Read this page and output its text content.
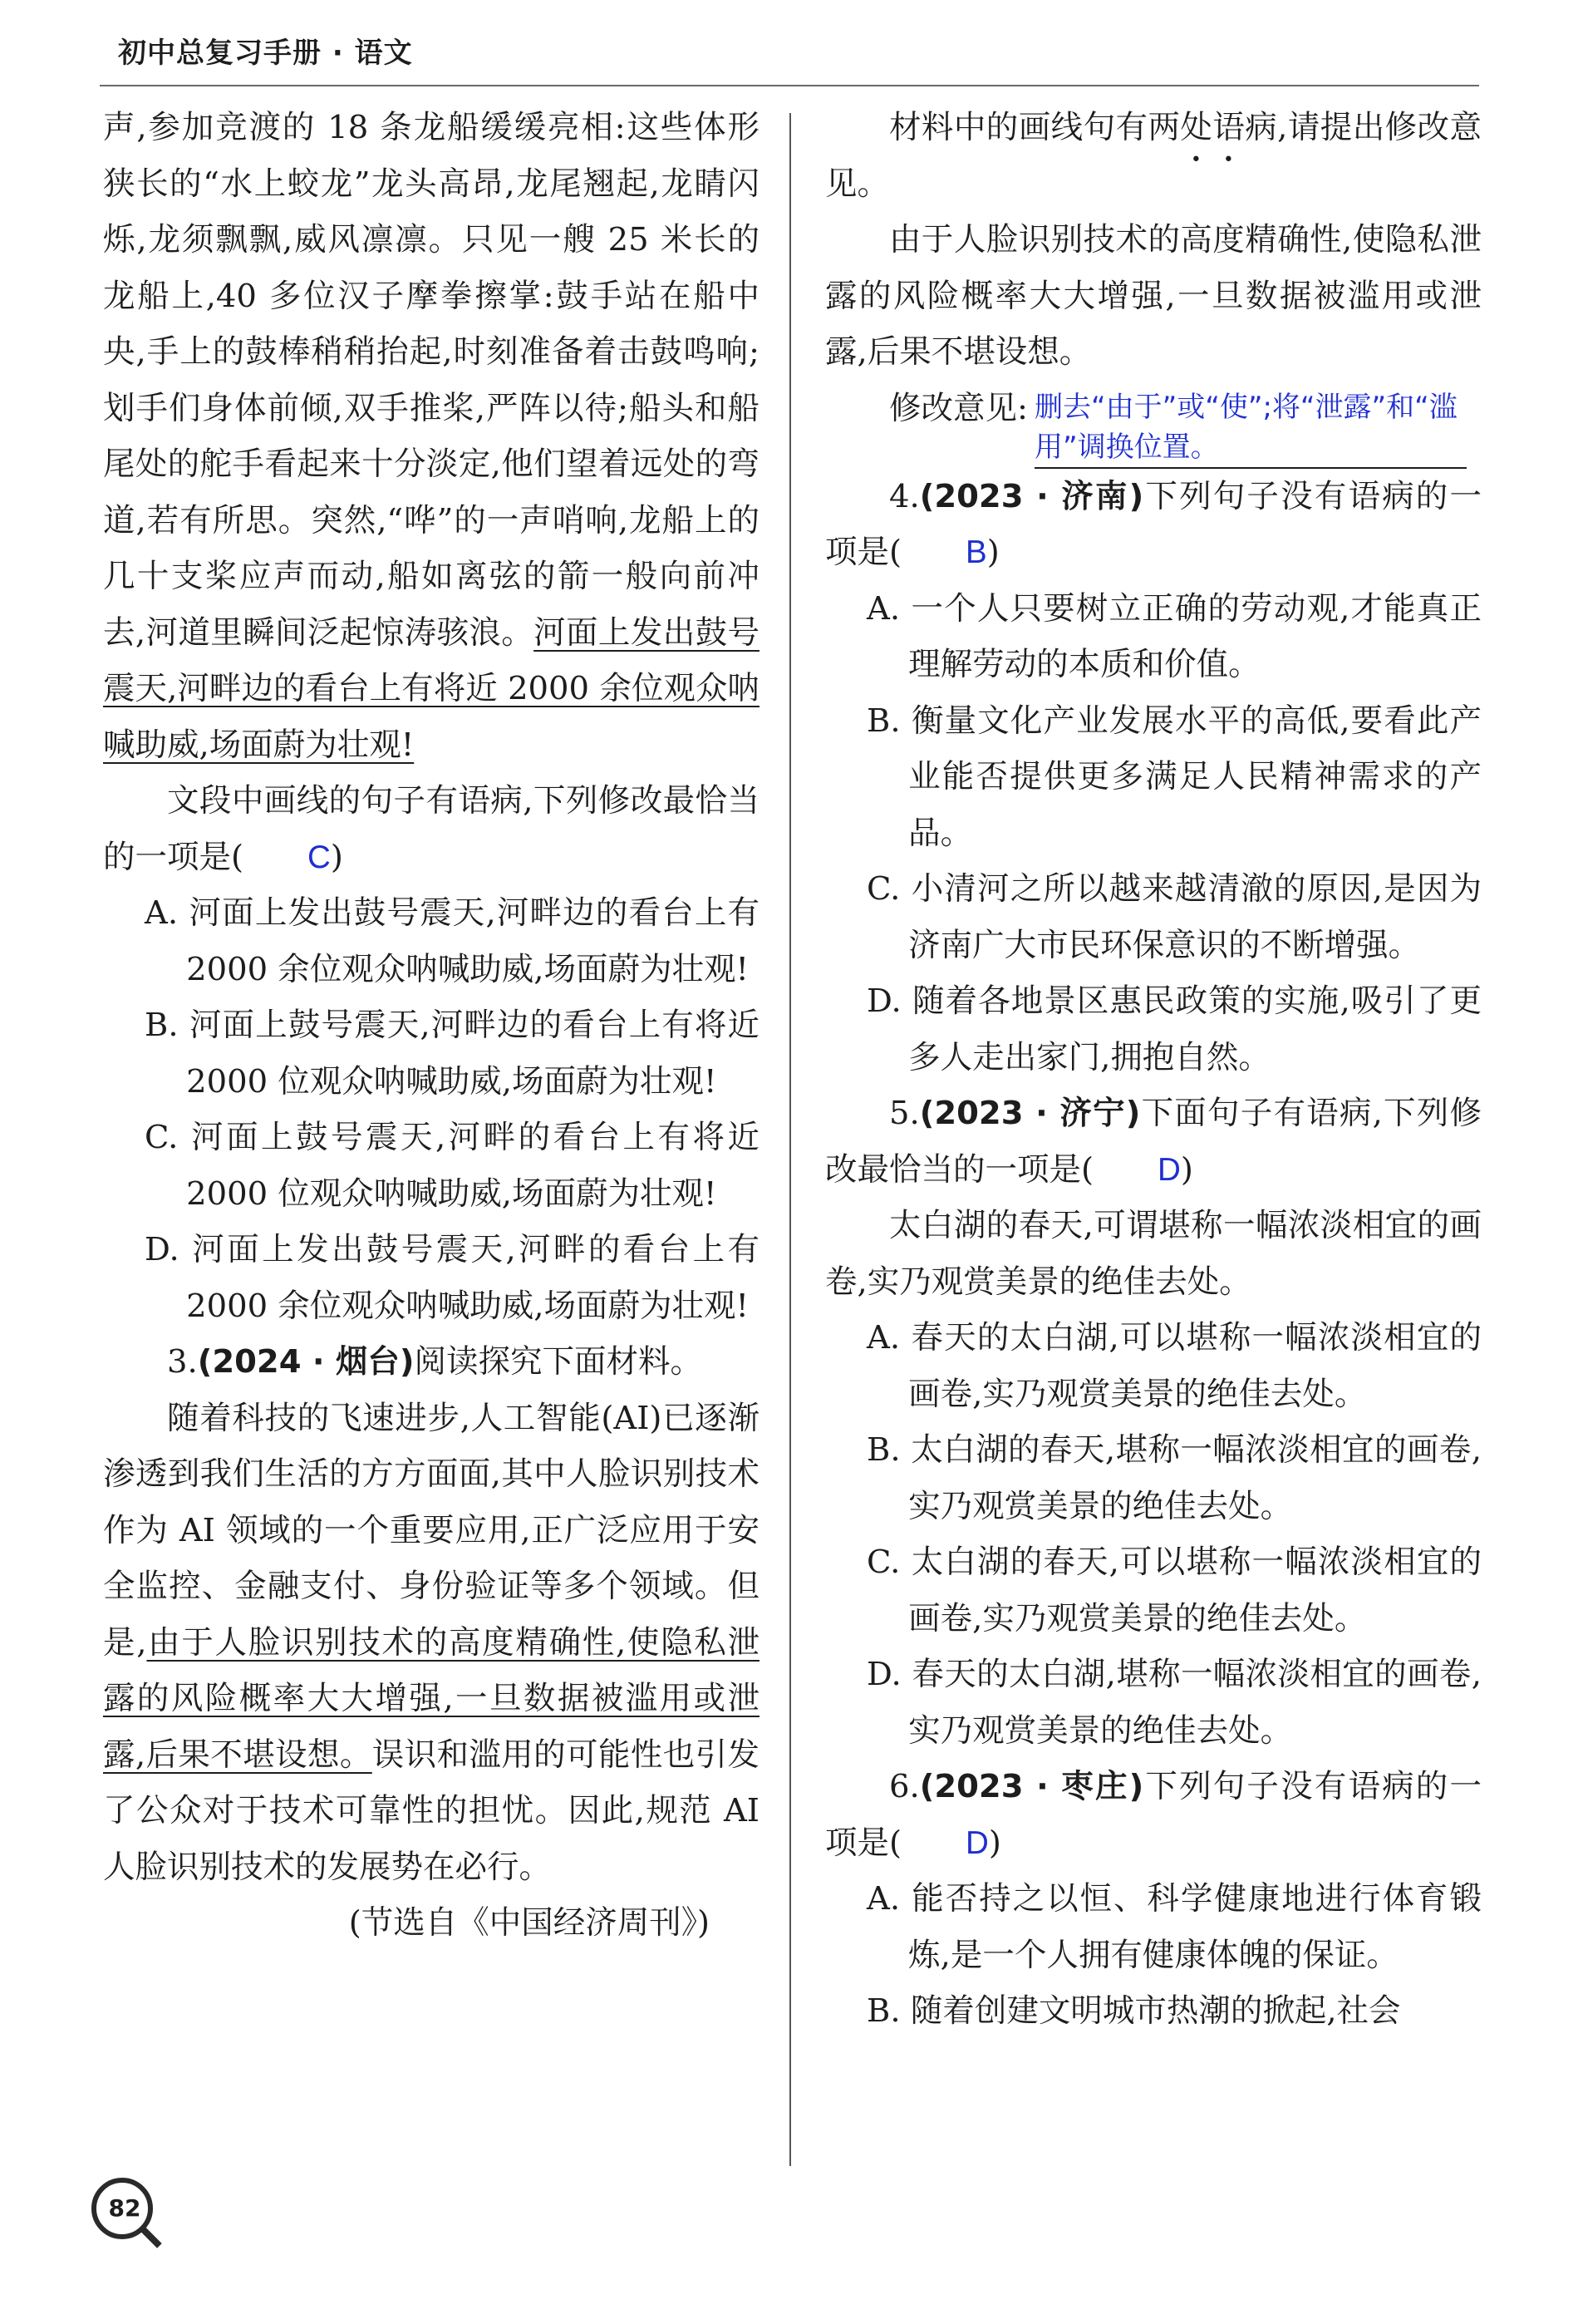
初中总复习手册 · 语文

声,参加竞渡的 18 条龙船缓缓亮相:这些体形狭长的“水上蛟龙”龙头高昂,龙尾翘起,龙睛闪烁,龙须飘飘,威风凛凛。只见一艘 25 米长的龙船上,40 多位汉子摩拳擦掌:鼓手站在船中央,手上的鼓棒稍稍抬起,时刻准备着击鼓鸣响;划手们身体前倾,双手推桨,严阵以待;船头和船尾处的舵手看起来十分淡定,他们望着远处的弯道,若有所思。突然,“哗”的一声哨响,龙船上的几十支桨应声而动,船如离弦的箭一般向前冲去,河道里瞬间泛起惊涛骇浪。河面上发出鼓号震天,河畔边的看台上有将近 2000 余位观众呐喊助威,场面蔚为壮观!

文段中画线的句子有语病,下列修改最恰当的一项是( C)

A. 河面上发出鼓号震天,河畔边的看台上有 2000 余位观众呐喊助威,场面蔚为壮观!

B. 河面上鼓号震天,河畔边的看台上有将近 2000 位观众呐喊助威,场面蔚为壮观!

C. 河面上鼓号震天,河畔的看台上有将近 2000 位观众呐喊助威,场面蔚为壮观!

D. 河面上发出鼓号震天,河畔的看台上有 2000 余位观众呐喊助威,场面蔚为壮观!

3.(2024 · 烟台)阅读探究下面材料。

随着科技的飞速进步,人工智能(AI)已逐渐渗透到我们生活的方方面面,其中人脸识别技术作为 AI 领域的一个重要应用,正广泛应用于安全监控、金融支付、身份验证等多个领域。但是,由于人脸识别技术的高度精确性,使隐私泄露的风险概率大大增强,一旦数据被滥用或泄露,后果不堪设想。误识和滥用的可能性也引发了公众对于技术可靠性的担忧。因此,规范 AI 人脸识别技术的发展势在必行。

(节选自《中国经济周刊》)

材料中的画线句有两处语病,请提出修改意见。

由于人脸识别技术的高度精确性,使隐私泄露的风险概率大大增强,一旦数据被滥用或泄露,后果不堪设想。

修改意见: 删去“由于”或“使”;将“泄露”和“滥用”调换位置。

4.(2023 · 济南)下列句子没有语病的一项是( B)

A. 一个人只要树立正确的劳动观,才能真正理解劳动的本质和价值。

B. 衡量文化产业发展水平的高低,要看此产业能否提供更多满足人民精神需求的产品。

C. 小清河之所以越来越清澈的原因,是因为济南广大市民环保意识的不断增强。

D. 随着各地景区惠民政策的实施,吸引了更多人走出家门,拥抱自然。

5.(2023 · 济宁)下面句子有语病,下列修改最恰当的一项是( D)

太白湖的春天,可谓堪称一幅浓淡相宜的画卷,实乃观赏美景的绝佳去处。

A. 春天的太白湖,可以堪称一幅浓淡相宜的画卷,实乃观赏美景的绝佳去处。

B. 太白湖的春天,堪称一幅浓淡相宜的画卷,实乃观赏美景的绝佳去处。

C. 太白湖的春天,可以堪称一幅浓淡相宜的画卷,实乃观赏美景的绝佳去处。

D. 春天的太白湖,堪称一幅浓淡相宜的画卷,实乃观赏美景的绝佳去处。

6.(2023 · 枣庄)下列句子没有语病的一项是( D)

A. 能否持之以恒、科学健康地进行体育锻炼,是一个人拥有健康体魄的保证。

B. 随着创建文明城市热潮的掀起,社会

82
